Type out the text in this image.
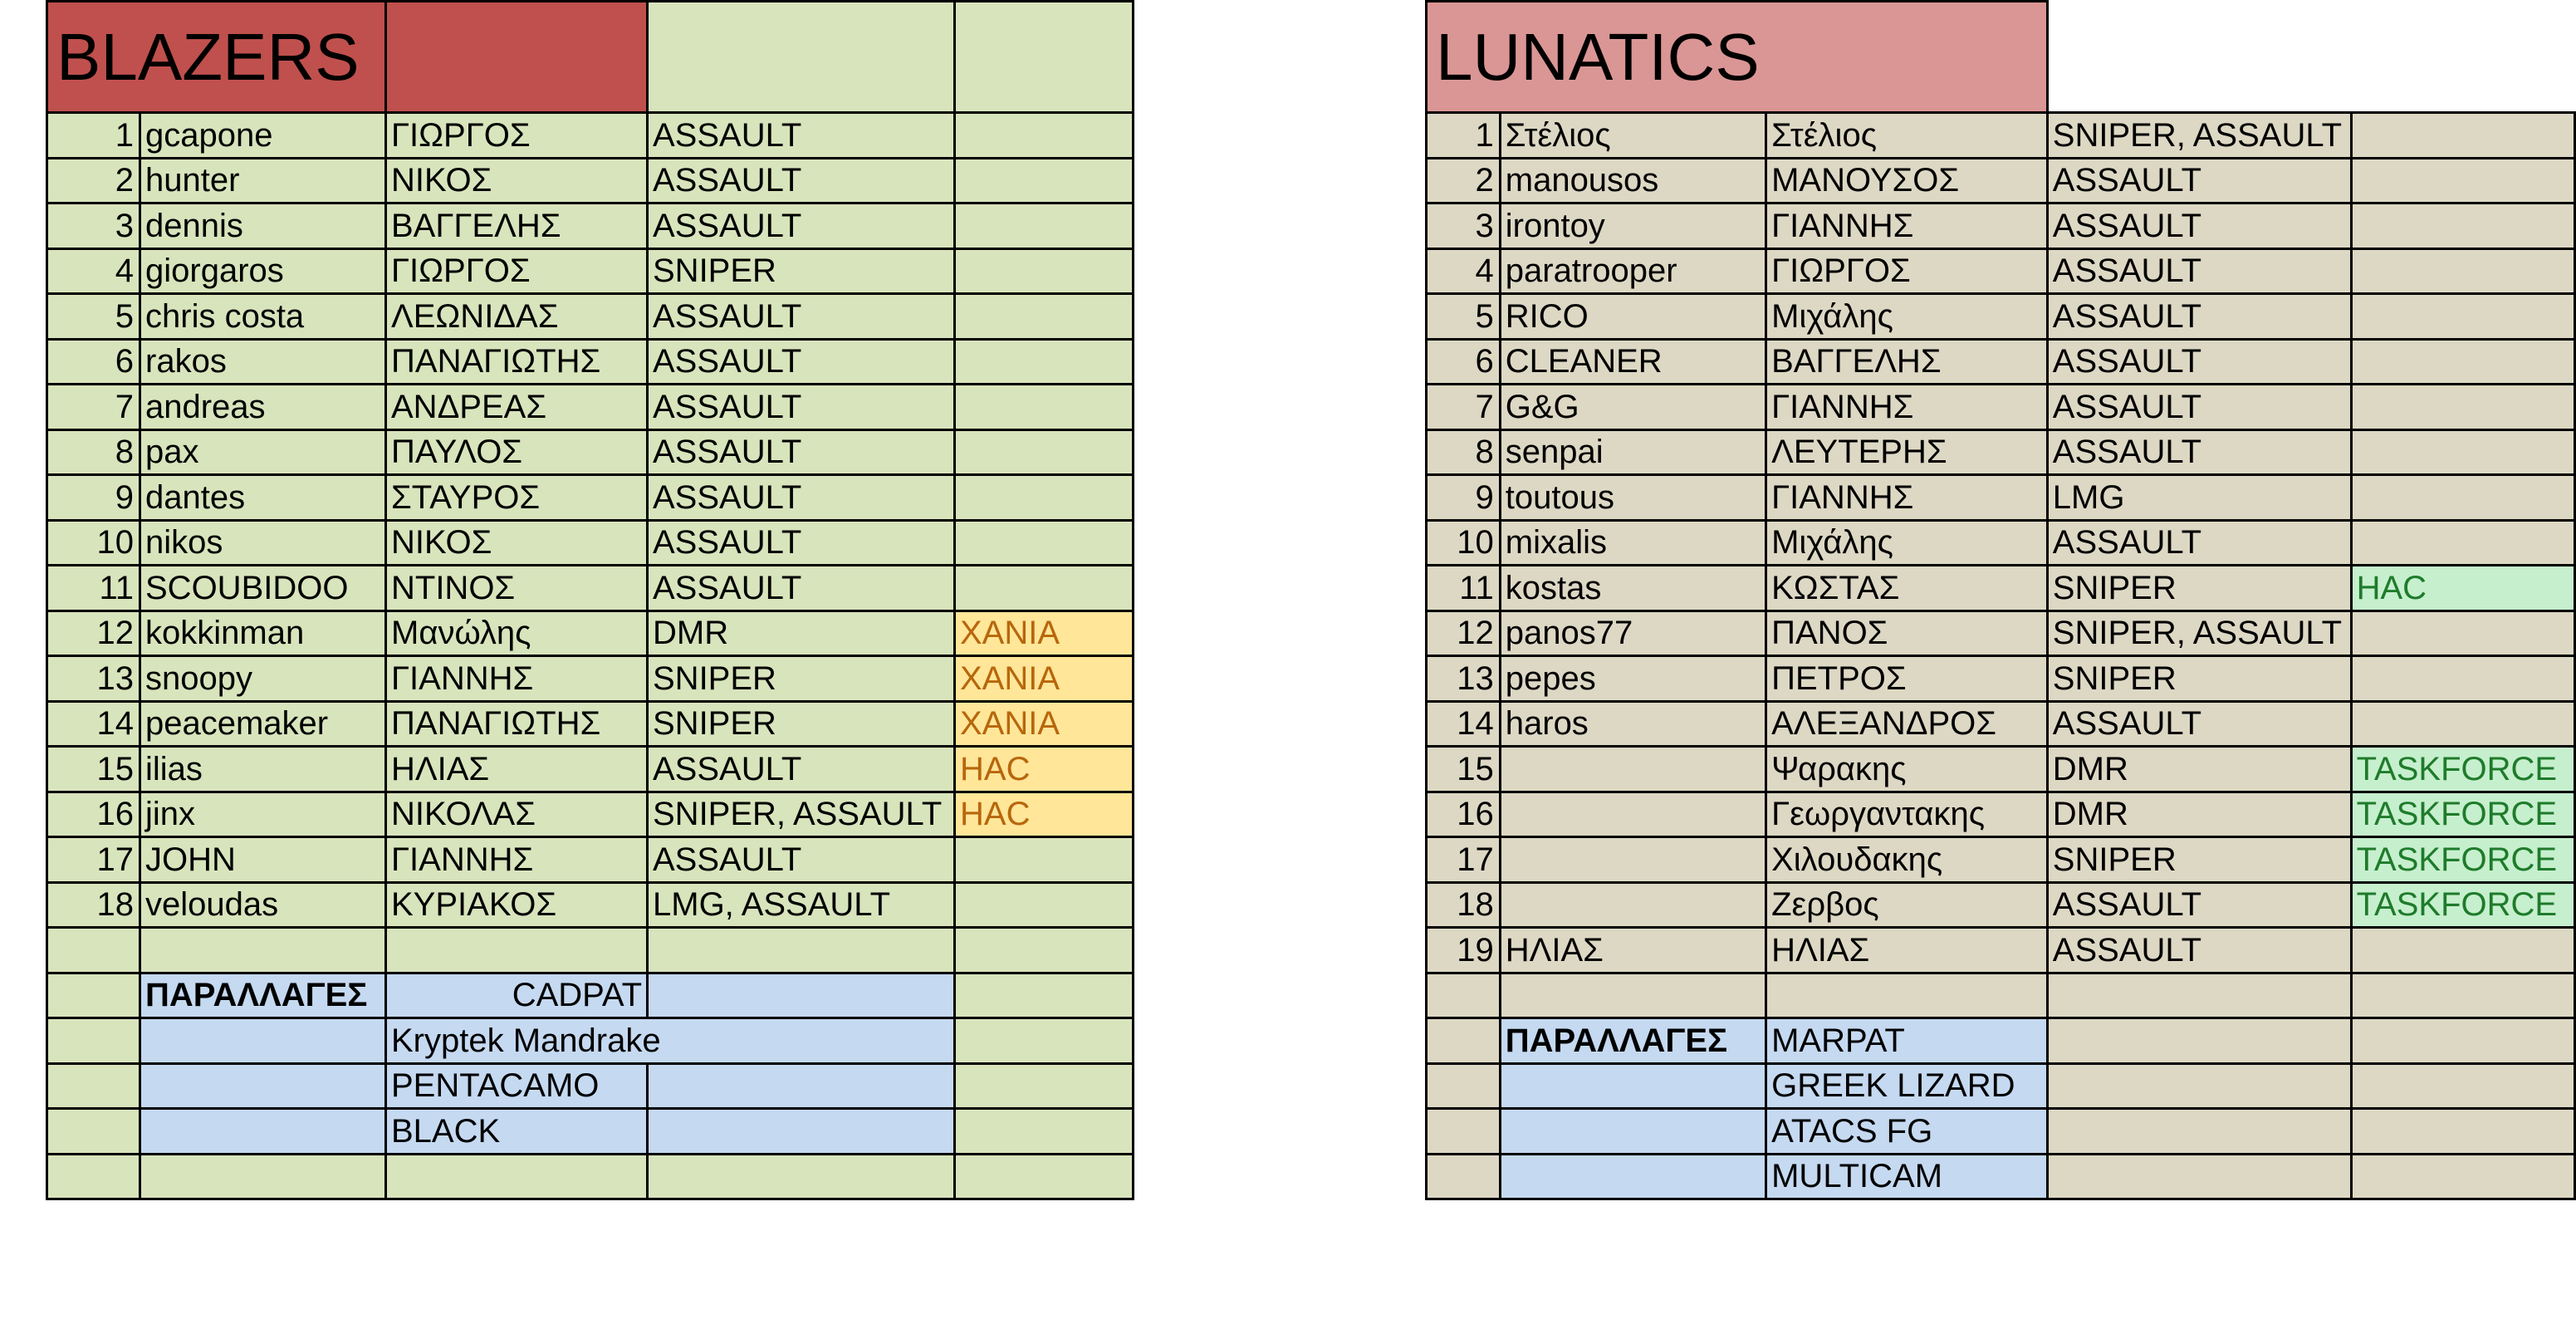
BLAZERS				
1	gcapone	ΓΙΩΡΓΟΣ	ASSAULT	
2	hunter	ΝΙΚΟΣ	ASSAULT	
3	dennis	ΒΑΓΓΕΛΗΣ	ASSAULT	
4	giorgaros	ΓΙΩΡΓΟΣ	SNIPER	
5	chris costa	ΛΕΩΝΙΔΑΣ	ASSAULT	
6	rakos	ΠΑΝΑΓΙΩΤΗΣ	ASSAULT	
7	andreas	ΑΝΔΡΕΑΣ	ASSAULT	
8	pax	ΠΑΥΛΟΣ	ASSAULT	
9	dantes	ΣΤΑΥΡΟΣ	ASSAULT	
10	nikos	ΝΙΚΟΣ	ASSAULT	
11	SCOUBIDOO	ΝΤΙΝΟΣ	ASSAULT	
12	kokkinman	Μανώλης	DMR	ΧΑΝΙΑ
13	snoopy	ΓΙΑΝΝΗΣ	SNIPER	ΧΑΝΙΑ
14	peacemaker	ΠΑΝΑΓΙΩΤΗΣ	SNIPER	ΧΑΝΙΑ
15	ilias	ΗΛΙΑΣ	ASSAULT	HAC
16	jinx	ΝΙΚΟΛΑΣ	SNIPER, ASSAULT	HAC
17	JOHN	ΓΙΑΝΝΗΣ	ASSAULT	
18	veloudas	ΚΥΡΙΑΚΟΣ	LMG, ASSAULT	

	ΠΑΡΑΛΛΑΓΕΣ	CADPAT		
		Kryptek Mandrake		
		PENTACAMO		
		BLACK		

LUNATICS				
1	Στέλιος	Στέλιος	SNIPER, ASSAULT	
2	manousos	ΜΑΝΟΥΣΟΣ	ASSAULT	
3	irontoy	ΓΙΑΝΝΗΣ	ASSAULT	
4	paratrooper	ΓΙΩΡΓΟΣ	ASSAULT	
5	RICO	Μιχάλης	ASSAULT	
6	CLEANER	ΒΑΓΓΕΛΗΣ	ASSAULT	
7	G&G	ΓΙΑΝΝΗΣ	ASSAULT	
8	senpai	ΛΕΥΤΕΡΗΣ	ASSAULT	
9	toutous	ΓΙΑΝΝΗΣ	LMG	
10	mixalis	Μιχάλης	ASSAULT	
11	kostas	ΚΩΣΤΑΣ	SNIPER	HAC
12	panos77	ΠΑΝΟΣ	SNIPER, ASSAULT	
13	pepes	ΠΕΤΡΟΣ	SNIPER	
14	haros	ΑΛΕΞΑΝΔΡΟΣ	ASSAULT	
15		Ψαρακης	DMR	TASKFORCE
16		Γεωργαντακης	DMR	TASKFORCE
17		Χιλουδακης	SNIPER	TASKFORCE
18		Ζερβος	ASSAULT	TASKFORCE
19	ΗΛΙΑΣ	ΗΛΙΑΣ	ASSAULT	

	ΠΑΡΑΛΛΑΓΕΣ	MARPAT		
		GREEK LIZARD		
		ATACS FG		
		MULTICAM		
